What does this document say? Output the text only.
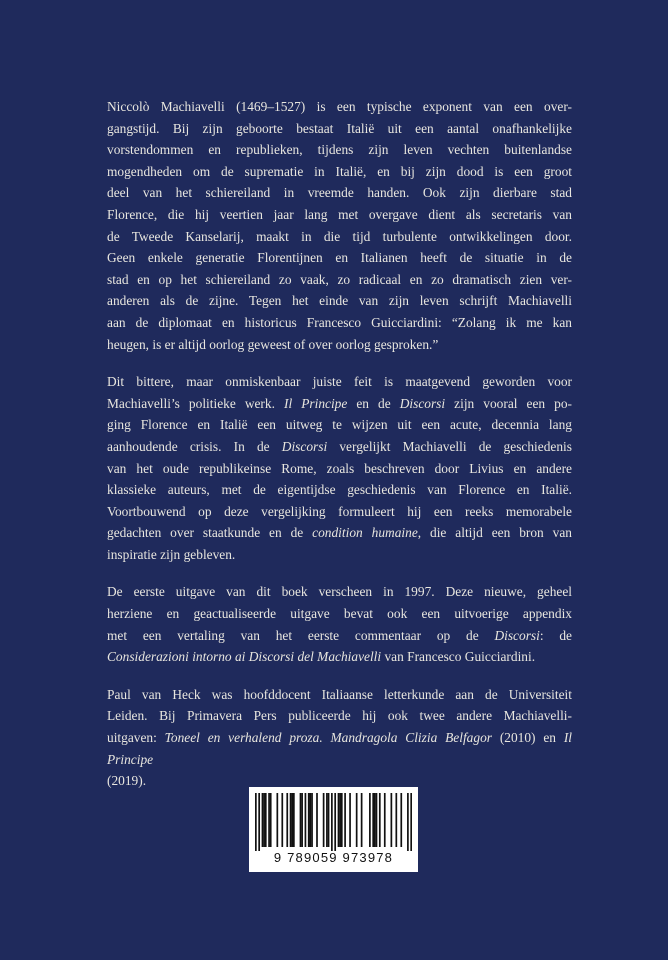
Niccolò Machiavelli (1469–1527) is een typische exponent van een over-
gangstijd. Bij zijn geboorte bestaat Italië uit een aantal onafhankelijke
vorstendommen en republieken, tijdens zijn leven vechten buitenlandse
mogendheden om de suprematie in Italië, en bij zijn dood is een groot
deel van het schiereiland in vreemde handen. Ook zijn dierbare stad
Florence, die hij veertien jaar lang met overgave dient als secretaris van
de Tweede Kanselarij, maakt in die tijd turbulente ontwikkelingen door.
Geen enkele generatie Florentijnen en Italianen heeft de situatie in de
stad en op het schiereiland zo vaak, zo radicaal en zo dramatisch zien ver-
anderen als de zijne. Tegen het einde van zijn leven schrijft Machiavelli
aan de diplomaat en historicus Francesco Guicciardini: “Zolang ik me kan
heugen, is er altijd oorlog geweest of over oorlog gesproken.”

Dit bittere, maar onmiskenbaar juiste feit is maatgevend geworden voor
Machiavelli’s politieke werk. Il Principe en de Discorsi zijn vooral een po-
ging Florence en Italië een uitweg te wijzen uit een acute, decennia lang
aanhoudende crisis. In de Discorsi vergelijkt Machiavelli de geschiedenis
van het oude republikeinse Rome, zoals beschreven door Livius en andere
klassieke auteurs, met de eigentijdse geschiedenis van Florence en Italië.
Voortbouwend op deze vergelijking formuleert hij een reeks memorabele
gedachten over staatkunde en de condition humaine, die altijd een bron van
inspiratie zijn gebleven.

De eerste uitgave van dit boek verscheen in 1997. Deze nieuwe, geheel
herziene en geactualiseerde uitgave bevat ook een uitvoerige appendix
met een vertaling van het eerste commentaar op de Discorsi: de
Considerazioni intorno ai Discorsi del Machiavelli van Francesco Guicciardini.

Paul van Heck was hoofddocent Italiaanse letterkunde aan de Universiteit
Leiden. Bij Primavera Pers publiceerde hij ook twee andere Machiavelli-
uitgaven: Toneel en verhalend proza. Mandragola Clizia Belfagor (2010) en Il Principe
(2019).

9 789059 973978
